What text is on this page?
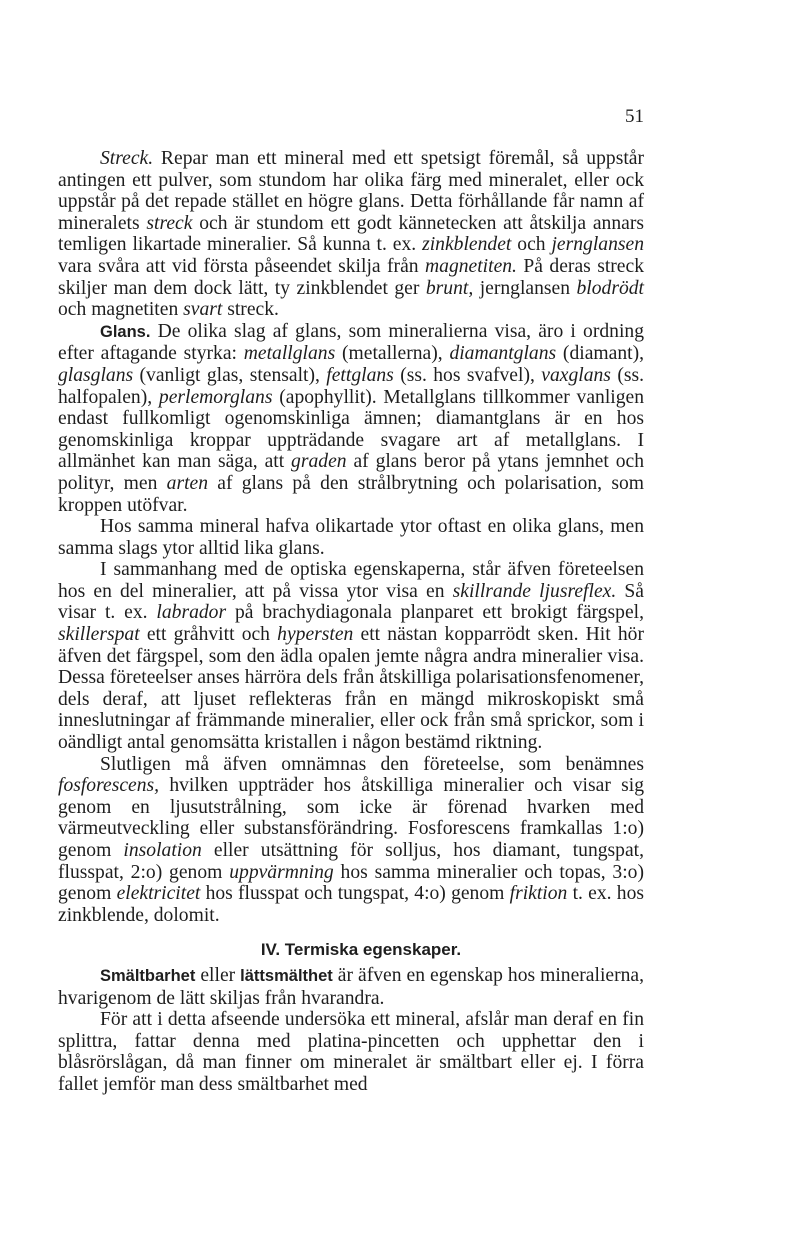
51

Streck. Repar man ett mineral med ett spetsigt föremål, så uppstår antingen ett pulver, som stundom har olika färg med mineralet, eller ock uppstår på det repade stället en högre glans. Detta förhållande får namn af mineralets streck och är stundom ett godt kännetecken att åtskilja annars temligen likartade mineralier. Så kunna t. ex. zinkblendet och jernglansen vara svåra att vid första påseendet skilja från magnetiten. På deras streck skiljer man dem dock lätt, ty zinkblendet ger brunt, jernglansen blodrödt och magnetiten svart streck.

Glans. De olika slag af glans, som mineralierna visa, äro i ordning efter aftagande styrka: metallglans (metallerna), diamantglans (diamant), glasglans (vanligt glas, stensalt), fettglans (ss. hos svafvel), vaxglans (ss. halfopalen), perlemorglans (apophyllit). Metallglans tillkommer vanligen endast fullkomligt ogenomskinliga ämnen; diamantglans är en hos genomskinliga kroppar uppträdande svagare art af metallglans. I allmänhet kan man säga, att graden af glans beror på ytans jemnhet och polityr, men arten af glans på den strålbrytning och polarisation, som kroppen utöfvar.

Hos samma mineral hafva olikartade ytor oftast en olika glans, men samma slags ytor alltid lika glans.

I sammanhang med de optiska egenskaperna, står äfven företeelsen hos en del mineralier, att på vissa ytor visa en skillrande ljusreflex. Så visar t. ex. labrador på brachydiagonala planparet ett brokigt färgspel, skillerspat ett gråhvitt och hypersten ett nästan kopparrödt sken. Hit hör äfven det färgspel, som den ädla opalen jemte några andra mineralier visa. Dessa företeelser anses härröra dels från åtskilliga polarisationsfenomener, dels deraf, att ljuset reflekteras från en mängd mikroskopiskt små inneslutningar af främmande mineralier, eller ock från små sprickor, som i oändligt antal genomsätta kristallen i någon bestämd riktning.

Slutligen må äfven omnämnas den företeelse, som benämnes fosforescens, hvilken uppträder hos åtskilliga mineralier och visar sig genom en ljusutstrålning, som icke är förenad hvarken med värmeutveckling eller substansförändring. Fosforescens framkallas 1:o) genom insolation eller utsättning för solljus, hos diamant, tungspat, flusspat, 2:o) genom uppvärmning hos samma mineralier och topas, 3:o) genom elektricitet hos flusspat och tungspat, 4:o) genom friktion t. ex. hos zinkblende, dolomit.

IV. Termiska egenskaper.

Smältbarhet eller lättsmälthet är äfven en egenskap hos mineralierna, hvarigenom de lätt skiljas från hvarandra.

För att i detta afseende undersöka ett mineral, afslår man deraf en fin splittra, fattar denna med platina-pincetten och upphettar den i blåsrörslågan, då man finner om mineralet är smältbart eller ej. I förra fallet jemför man dess smältbarhet med
